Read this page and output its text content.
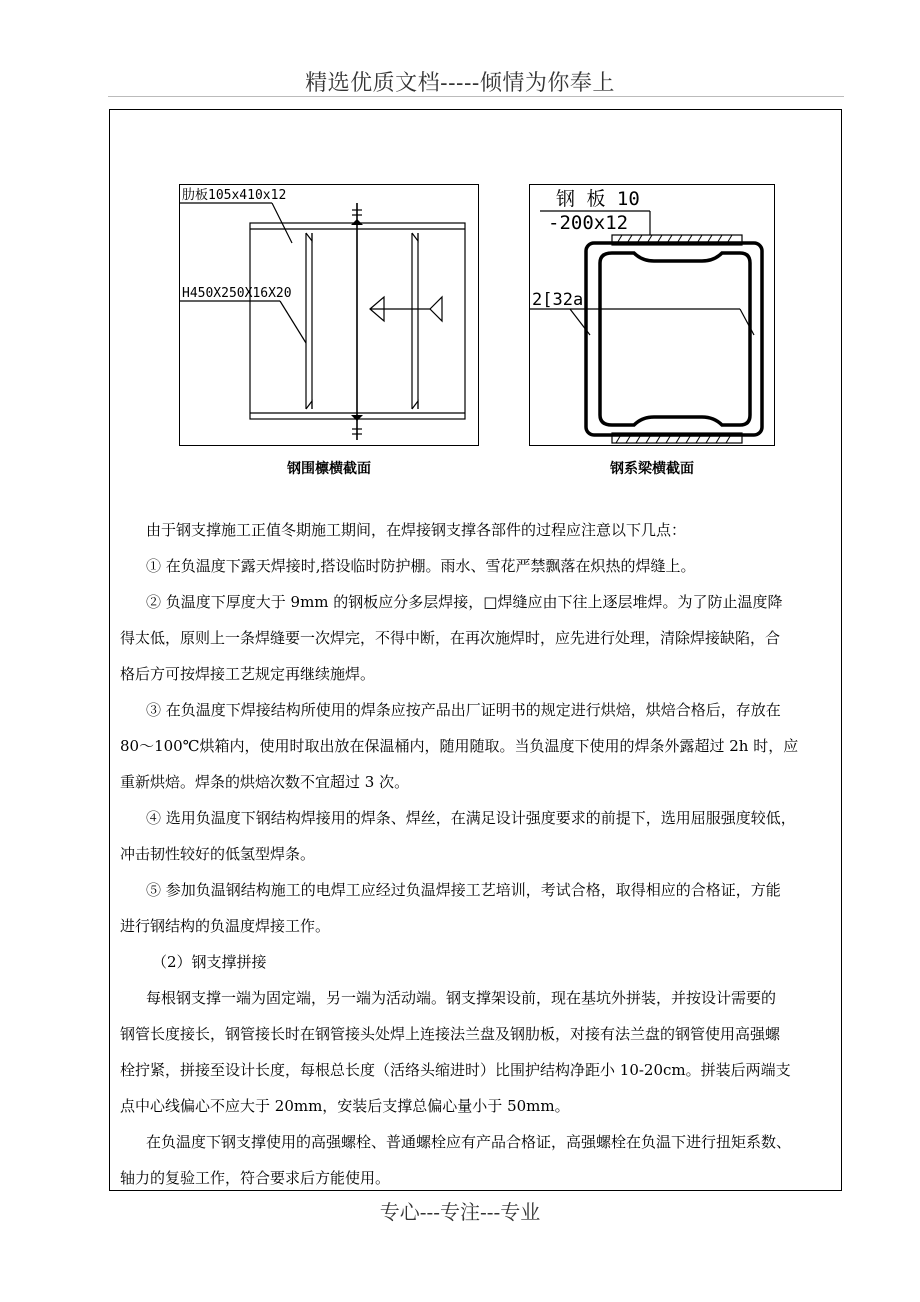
精选优质文档-----倾情为你奉上
肋板105x410x12
H450X250X16X20
钢围檩横截面
钢 板 10
-200x12
2[32a
钢系梁横截面

由于钢支撑施工正值冬期施工期间，在焊接钢支撑各部件的过程应注意以下几点：

① 在负温度下露天焊接时,搭设临时防护棚。雨水、雪花严禁飘落在炽热的焊缝上。

② 负温度下厚度大于 9mm 的钢板应分多层焊接，□焊缝应由下往上逐层堆焊。为了防止温度降

得太低，原则上一条焊缝要一次焊完，不得中断，在再次施焊时，应先进行处理，清除焊接缺陷，合

格后方可按焊接工艺规定再继续施焊。

③ 在负温度下焊接结构所使用的焊条应按产品出厂证明书的规定进行烘焙，烘焙合格后，存放在

80～100℃烘箱内，使用时取出放在保温桶内，随用随取。当负温度下使用的焊条外露超过 2h 时，应

重新烘焙。焊条的烘焙次数不宜超过 3 次。

④ 选用负温度下钢结构焊接用的焊条、焊丝，在满足设计强度要求的前提下，选用屈服强度较低，

冲击韧性较好的低氢型焊条。

⑤ 参加负温钢结构施工的电焊工应经过负温焊接工艺培训，考试合格，取得相应的合格证，方能

进行钢结构的负温度焊接工作。

（2）钢支撑拼接

每根钢支撑一端为固定端，另一端为活动端。钢支撑架设前，现在基坑外拼装，并按设计需要的

钢管长度接长，钢管接长时在钢管接头处焊上连接法兰盘及钢肋板，对接有法兰盘的钢管使用高强螺

栓拧紧，拼接至设计长度，每根总长度（活络头缩进时）比围护结构净距小 10-20cm。拼装后两端支

点中心线偏心不应大于 20mm，安装后支撑总偏心量小于 50mm。

在负温度下钢支撑使用的高强螺栓、普通螺栓应有产品合格证，高强螺栓在负温下进行扭矩系数、

轴力的复验工作，符合要求后方能使用。

专心---专注---专业
